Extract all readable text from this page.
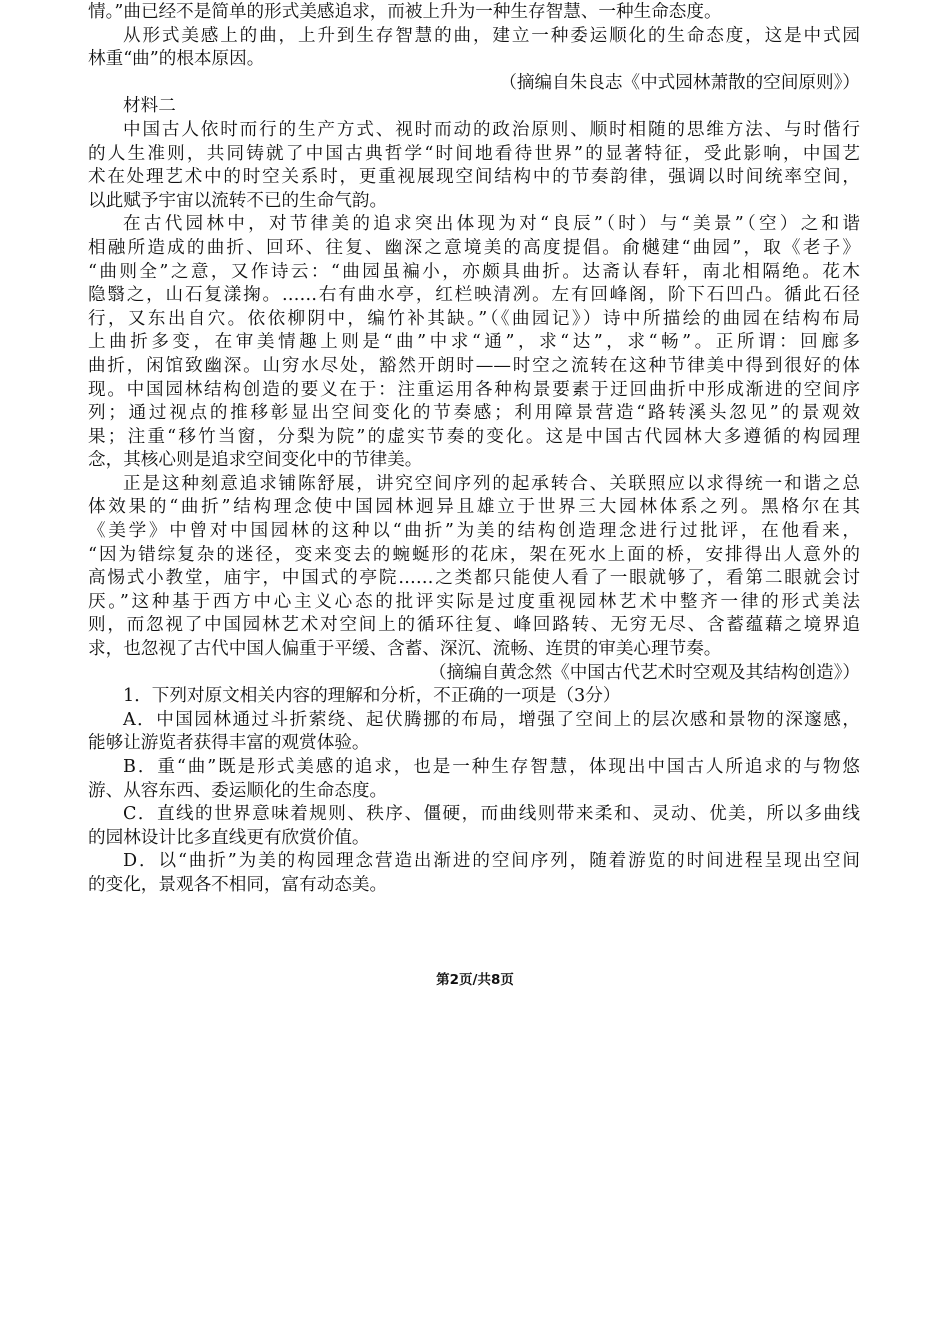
情。”曲已经不是简单的形式美感追求，而被上升为一种生存智慧、一种生命态度。
从形式美感上的曲，上升到生存智慧的曲，建立一种委运顺化的生命态度，这是中式园
林重“曲”的根本原因。
（摘编自朱良志《中式园林萧散的空间原则》）
材料二
中国古人依时而行的生产方式、视时而动的政治原则、顺时相随的思维方法、与时偕行
的人生准则，共同铸就了中国古典哲学“时间地看待世界”的显著特征，受此影响，中国艺
术在处理艺术中的时空关系时，更重视展现空间结构中的节奏韵律，强调以时间统率空间，
以此赋予宇宙以流转不已的生命气韵。
在古代园林中，对节律美的追求突出体现为对“良辰”（时）与“美景”（空）之和谐
相融所造成的曲折、回环、往复、幽深之意境美的高度提倡。俞樾建“曲园”，取《老子》
“曲则全”之意，又作诗云：“曲园虽褊小，亦颇具曲折。达斋认春轩，南北相隔绝。花木
隐翳之，山石复漾掬。……右有曲水亭，红栏映清冽。左有回峰阁，阶下石凹凸。循此石径
行，又东出自穴。依依柳阴中，编竹补其缺。”（《曲园记》）诗中所描绘的曲园在结构布局
上曲折多变，在审美情趣上则是“曲”中求“通”，求“达”，求“畅”。正所谓：回廊多
曲折，闲馆致幽深。山穷水尽处，豁然开朗时——时空之流转在这种节律美中得到很好的体
现。中国园林结构创造的要义在于：注重运用各种构景要素于迂回曲折中形成渐进的空间序
列；通过视点的推移彰显出空间变化的节奏感；利用障景营造“路转溪头忽见”的景观效
果；注重“移竹当窗，分梨为院”的虚实节奏的变化。这是中国古代园林大多遵循的构园理
念，其核心则是追求空间变化中的节律美。
正是这种刻意追求铺陈舒展，讲究空间序列的起承转合、关联照应以求得统一和谐之总
体效果的“曲折”结构理念使中国园林迥异且雄立于世界三大园林体系之列。黑格尔在其
《美学》中曾对中国园林的这种以“曲折”为美的结构创造理念进行过批评，在他看来，
“因为错综复杂的迷径，变来变去的蜿蜒形的花床，架在死水上面的桥，安排得出人意外的
高惕式小教堂，庙宇，中国式的亭院……之类都只能使人看了一眼就够了，看第二眼就会讨
厌。”这种基于西方中心主义心态的批评实际是过度重视园林艺术中整齐一律的形式美法
则，而忽视了中国园林艺术对空间上的循环往复、峰回路转、无穷无尽、含蓄蕴藉之境界追
求，也忽视了古代中国人偏重于平缓、含蓄、深沉、流畅、连贯的审美心理节奏。
（摘编自黄念然《中国古代艺术时空观及其结构创造》）
1．下列对原文相关内容的理解和分析，不正确的一项是（3分）
A．中国园林通过斗折萦绕、起伏腾挪的布局，增强了空间上的层次感和景物的深邃感，
能够让游览者获得丰富的观赏体验。
B．重“曲”既是形式美感的追求，也是一种生存智慧，体现出中国古人所追求的与物悠
游、从容东西、委运顺化的生命态度。
C．直线的世界意味着规则、秩序、僵硬，而曲线则带来柔和、灵动、优美，所以多曲线
的园林设计比多直线更有欣赏价值。
D．以“曲折”为美的构园理念营造出渐进的空间序列，随着游览的时间进程呈现出空间
的变化，景观各不相同，富有动态美。
第2页/共8页
